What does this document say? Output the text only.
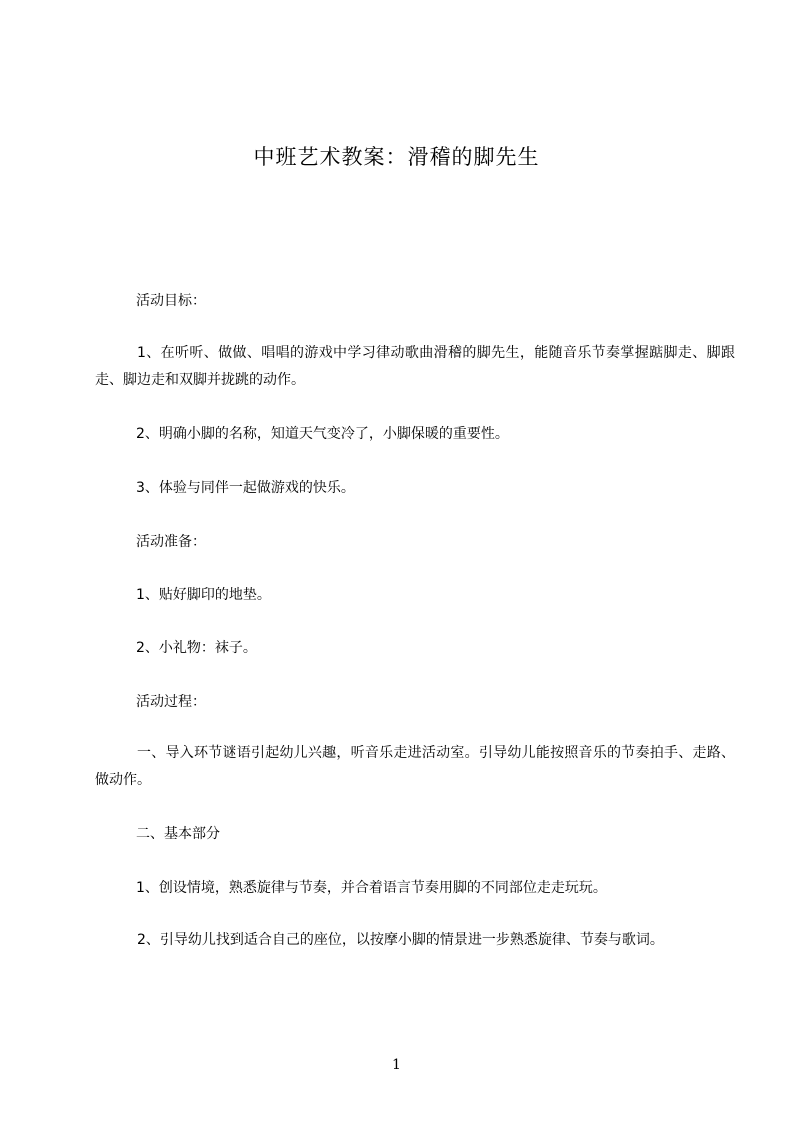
中班艺术教案：滑稽的脚先生
活动目标：
1、在听听、做做、唱唱的游戏中学习律动歌曲滑稽的脚先生，能随音乐节奏掌握踮脚走、脚跟走、脚边走和双脚并拢跳的动作。
2、明确小脚的名称，知道天气变冷了，小脚保暖的重要性。
3、体验与同伴一起做游戏的快乐。
活动准备：
1、贴好脚印的地垫。
2、小礼物：袜子。
活动过程：
一、导入环节谜语引起幼儿兴趣，听音乐走进活动室。引导幼儿能按照音乐的节奏拍手、走路、做动作。
二、基本部分
1、创设情境，熟悉旋律与节奏，并合着语言节奏用脚的不同部位走走玩玩。
2、引导幼儿找到适合自己的座位，以按摩小脚的情景进一步熟悉旋律、节奏与歌词。
1
